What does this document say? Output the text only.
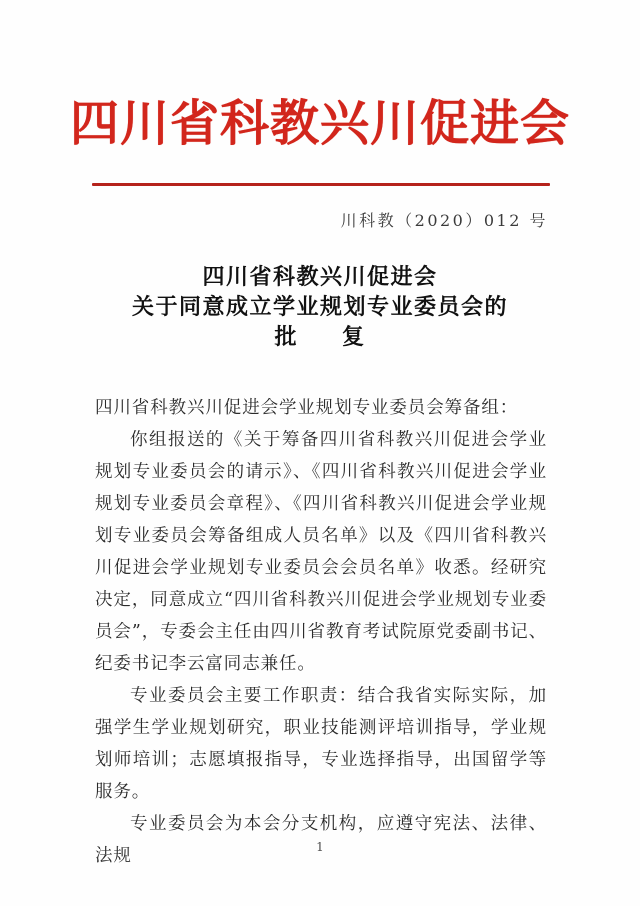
四川省科教兴川促进会
川科教（2020）012 号
四川省科教兴川促进会
关于同意成立学业规划专业委员会的
批 复

四川省科教兴川促进会学业规划专业委员会筹备组：

你组报送的《关于筹备四川省科教兴川促进会学业规划专业委员会的请示》、《四川省科教兴川促进会学业规划专业委员会章程》、《四川省科教兴川促进会学业规划专业委员会筹备组成人员名单》以及《四川省科教兴川促进会学业规划专业委员会会员名单》收悉。经研究决定，同意成立“四川省科教兴川促进会学业规划专业委员会”，专委会主任由四川省教育考试院原党委副书记、纪委书记李云富同志兼任。

专业委员会主要工作职责：结合我省实际实际，加强学生学业规划研究，职业技能测评培训指导，学业规划师培训；志愿填报指导，专业选择指导，出国留学等服务。

专业委员会为本会分支机构，应遵守宪法、法律、法规	1
